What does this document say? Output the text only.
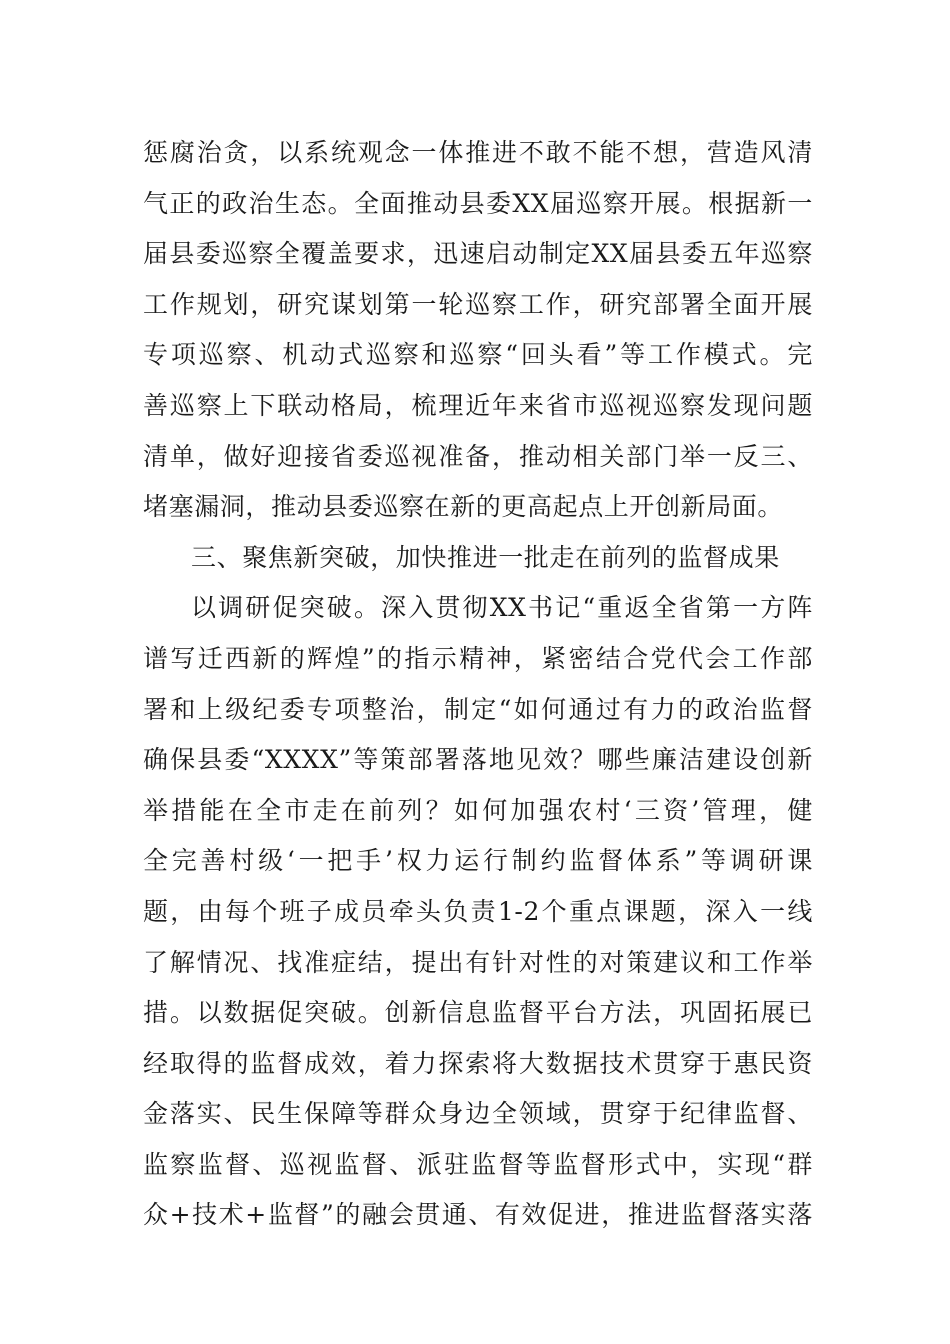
惩腐治贪，以系统观念一体推进不敢不能不想，营造风清
气正的政治生态。全面推动县委XX届巡察开展。根据新一
届县委巡察全覆盖要求，迅速启动制定XX届县委五年巡察
工作规划，研究谋划第一轮巡察工作，研究部署全面开展
专项巡察、机动式巡察和巡察“回头看”等工作模式。完
善巡察上下联动格局，梳理近年来省市巡视巡察发现问题
清单，做好迎接省委巡视准备，推动相关部门举一反三、
堵塞漏洞，推动县委巡察在新的更高起点上开创新局面。
三、聚焦新突破，加快推进一批走在前列的监督成果
以调研促突破。深入贯彻XX书记“重返全省第一方阵
谱写迁西新的辉煌”的指示精神，紧密结合党代会工作部
署和上级纪委专项整治，制定“如何通过有力的政治监督
确保县委“XXXX”等策部署落地见效？哪些廉洁建设创新
举措能在全市走在前列？如何加强农村‘三资’管理，健
全完善村级‘一把手’权力运行制约监督体系”等调研课
题，由每个班子成员牵头负责1-2个重点课题，深入一线
了解情况、找准症结，提出有针对性的对策建议和工作举
措。以数据促突破。创新信息监督平台方法，巩固拓展已
经取得的监督成效，着力探索将大数据技术贯穿于惠民资
金落实、民生保障等群众身边全领域，贯穿于纪律监督、
监察监督、巡视监督、派驻监督等监督形式中，实现“群
众+技术+监督”的融会贯通、有效促进，推进监督落实落
